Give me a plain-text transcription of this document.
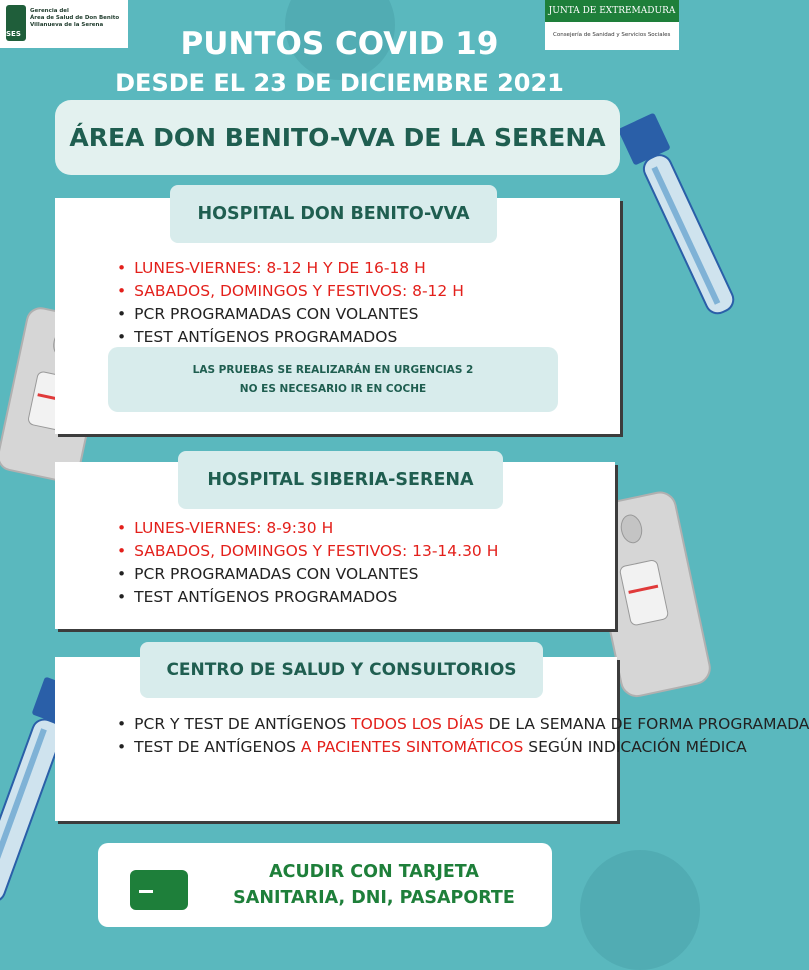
SES
Gerencia del
Área de Salud de Don Benito
Villanueva de la Serena
JUNTA DE EXTREMADURA
Consejería de Sanidad y Servicios Sociales
PUNTOS COVID 19
DESDE EL 23 DE DICIEMBRE 2021
ÁREA DON BENITO-VVA DE LA SERENA
HOSPITAL DON BENITO-VVA
• LUNES-VIERNES: 8-12 H Y DE 16-18 H
• SABADOS, DOMINGOS Y FESTIVOS: 8-12 H
• PCR PROGRAMADAS CON VOLANTES
• TEST ANTÍGENOS PROGRAMADOS
LAS PRUEBAS SE REALIZARÁN EN URGENCIAS 2
NO ES NECESARIO IR EN COCHE
HOSPITAL SIBERIA-SERENA
• LUNES-VIERNES: 8-9:30 H
• SABADOS, DOMINGOS Y FESTIVOS: 13-14.30 H
• PCR PROGRAMADAS CON VOLANTES
• TEST ANTÍGENOS PROGRAMADOS
CENTRO DE SALUD Y CONSULTORIOS
• PCR Y TEST DE ANTÍGENOS TODOS LOS DÍAS DE LA SEMANA DE FORMA PROGRAMADA
• TEST DE ANTÍGENOS A PACIENTES SINTOMÁTICOS SEGÚN INDICACIÓN MÉDICA
ACUDIR CON TARJETA
SANITARIA, DNI, PASAPORTE
